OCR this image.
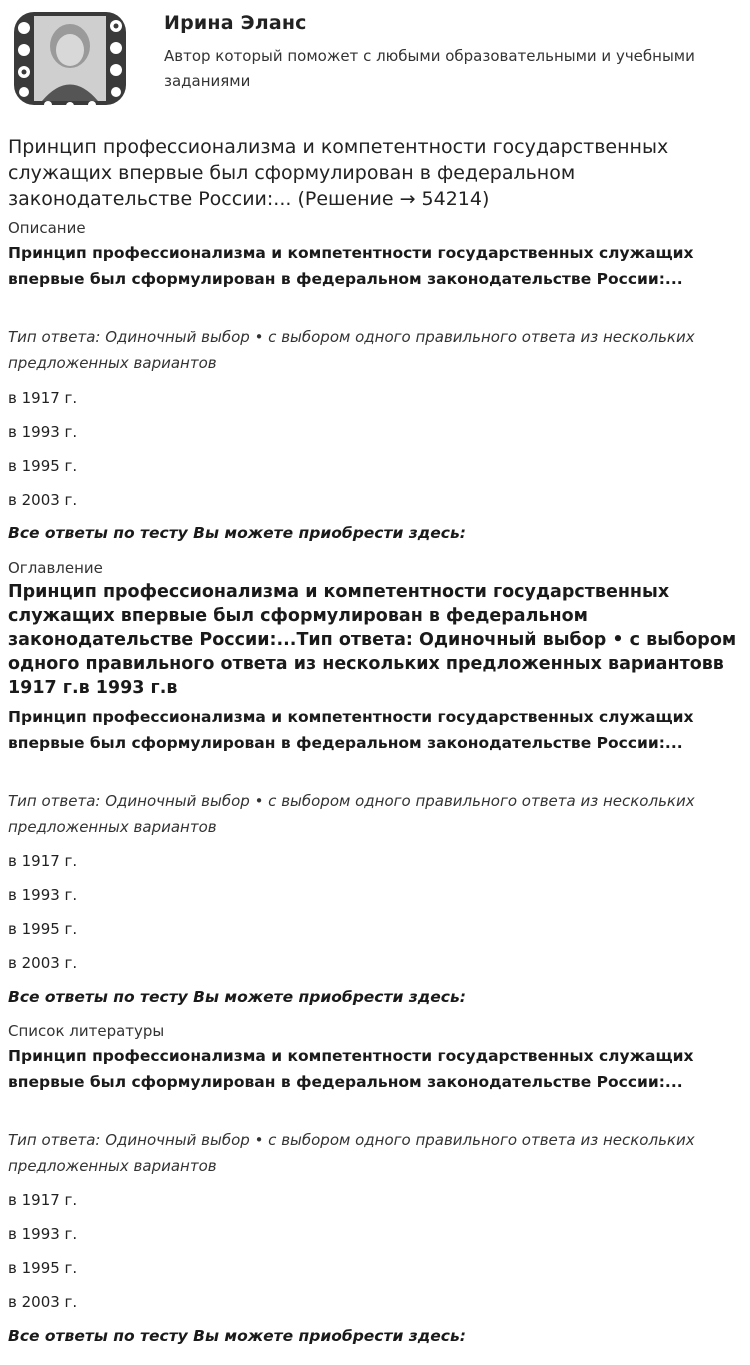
Ирина Эланс
Автор который поможет с любыми образовательными и учебными заданиями
Принцип профессионализма и компетентности государственных служащих впервые был сформулирован в федеральном законодательстве России:... (Решение → 54214)
Описание
Принцип профессионализма и компетентности государственных служащих впервые был сформулирован в федеральном законодательстве России:...
Тип ответа: Одиночный выбор • с выбором одного правильного ответа из нескольких предложенных вариантов
в 1917 г.
в 1993 г.
в 1995 г.
в 2003 г.
Все ответы по тесту Вы можете приобрести здесь:
Оглавление
Принцип профессионализма и компетентности государственных служащих впервые был сформулирован в федеральном законодательстве России:...Тип ответа: Одиночный выбор • с выбором одного правильного ответа из нескольких предложенных вариантовв 1917 г.в 1993 г.в
Принцип профессионализма и компетентности государственных служащих впервые был сформулирован в федеральном законодательстве России:...
Тип ответа: Одиночный выбор • с выбором одного правильного ответа из нескольких предложенных вариантов
в 1917 г.
в 1993 г.
в 1995 г.
в 2003 г.
Все ответы по тесту Вы можете приобрести здесь:
Список литературы
Принцип профессионализма и компетентности государственных служащих впервые был сформулирован в федеральном законодательстве России:...
Тип ответа: Одиночный выбор • с выбором одного правильного ответа из нескольких предложенных вариантов
в 1917 г.
в 1993 г.
в 1995 г.
в 2003 г.
Все ответы по тесту Вы можете приобрести здесь:
